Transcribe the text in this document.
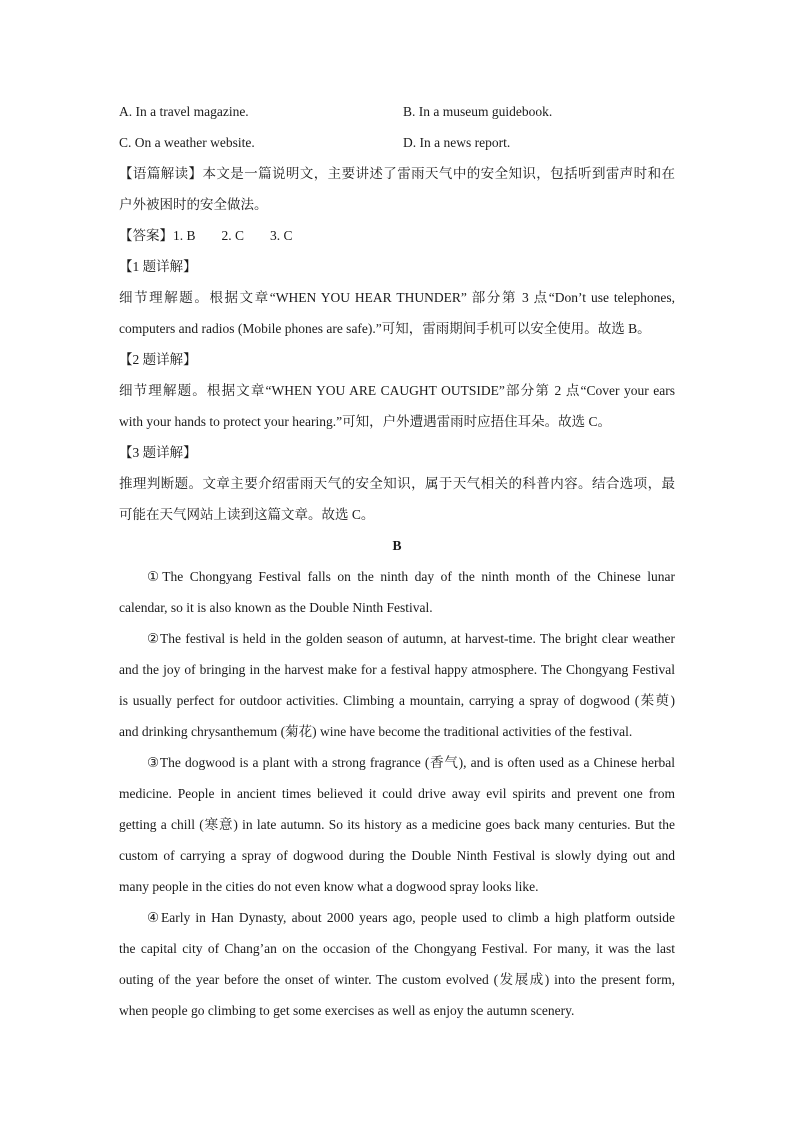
A. In a travel magazine.	B. In a museum guidebook.
C. On a weather website.	D. In a news report.
【语篇解读】本文是一篇说明文，主要讲述了雷雨天气中的安全知识，包括听到雷声时和在
户外被困时的安全做法。
【答案】1. B 2. C 3. C
【1 题详解】
细节理解题。根据文章“WHEN YOU HEAR THUNDER” 部分第 3 点“Don’t use telephones,
computers and radios (Mobile phones are safe).”可知，雷雨期间手机可以安全使用。故选 B。
【2 题详解】
细节理解题。根据文章“WHEN YOU ARE CAUGHT OUTSIDE”部分第 2 点“Cover your ears
with your hands to protect your hearing.”可知，户外遭遇雷雨时应捂住耳朵。故选 C。
【3 题详解】
推理判断题。文章主要介绍雷雨天气的安全知识，属于天气相关的科普内容。结合选项，最
可能在天气网站上读到这篇文章。故选 C。
B
①The Chongyang Festival falls on the ninth day of the ninth month of the Chinese lunar
calendar, so it is also known as the Double Ninth Festival.
②The festival is held in the golden season of autumn, at harvest-time. The bright clear weather
and the joy of bringing in the harvest make for a festival happy atmosphere. The Chongyang Festival
is usually perfect for outdoor activities. Climbing a mountain, carrying a spray of dogwood (茱萸)
and drinking chrysanthemum (菊花) wine have become the traditional activities of the festival.
③The dogwood is a plant with a strong fragrance (香气), and is often used as a Chinese herbal
medicine. People in ancient times believed it could drive away evil spirits and prevent one from
getting a chill (寒意) in late autumn. So its history as a medicine goes back many centuries. But the
custom of carrying a spray of dogwood during the Double Ninth Festival is slowly dying out and
many people in the cities do not even know what a dogwood spray looks like.
④Early in Han Dynasty, about 2000 years ago, people used to climb a high platform outside
the capital city of Chang’an on the occasion of the Chongyang Festival. For many, it was the last
outing of the year before the onset of winter. The custom evolved (发展成) into the present form,
when people go climbing to get some exercises as well as enjoy the autumn scenery.
